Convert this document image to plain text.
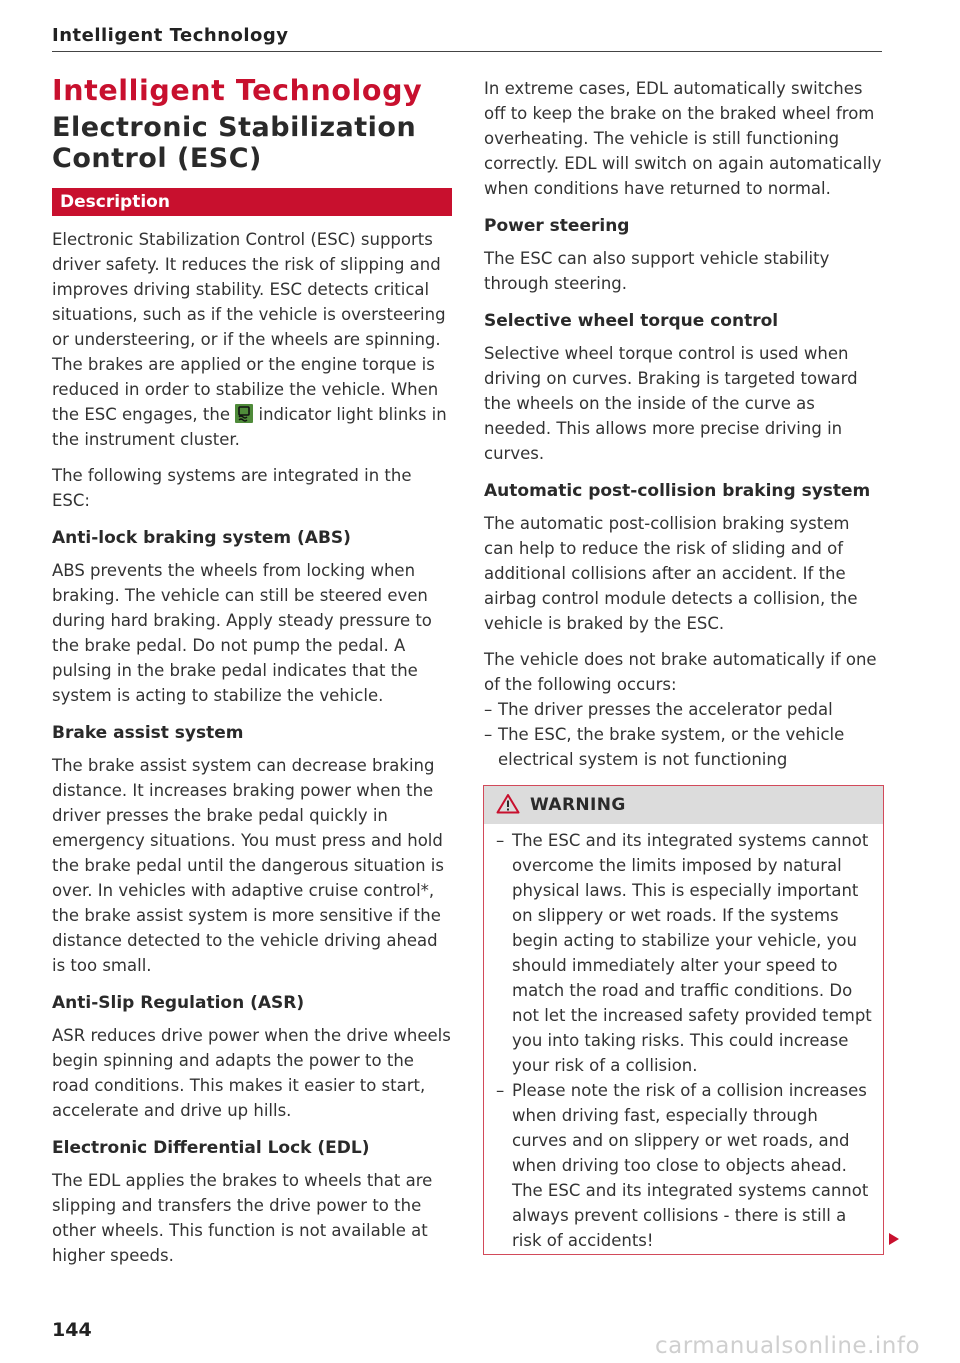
Intelligent Technology
Intelligent Technology
Electronic Stabilization Control (ESC)
Description

Electronic Stabilization Control (ESC) supports driver safety. It reduces the risk of slipping and improves driving stability. ESC detects critical situations, such as if the vehicle is oversteering or understeering, or if the wheels are spinning. The brakes are applied or the engine torque is reduced in order to stabilize the vehicle. When the ESC engages, the indicator light blinks in the instrument cluster.

The following systems are integrated in the ESC:

Anti-lock braking system (ABS)

ABS prevents the wheels from locking when braking. The vehicle can still be steered even during hard braking. Apply steady pressure to the brake pedal. Do not pump the pedal. A pulsing in the brake pedal indicates that the system is acting to stabilize the vehicle.

Brake assist system

The brake assist system can decrease braking distance. It increases braking power when the driver presses the brake pedal quickly in emergency situations. You must press and hold the brake pedal until the dangerous situation is over. In vehicles with adaptive cruise control*, the brake assist system is more sensitive if the distance detected to the vehicle driving ahead is too small.

Anti-Slip Regulation (ASR)

ASR reduces drive power when the drive wheels begin spinning and adapts the power to the road conditions. This makes it easier to start, accelerate and drive up hills.

Electronic Differential Lock (EDL)

The EDL applies the brakes to wheels that are slipping and transfers the drive power to the other wheels. This function is not available at higher speeds.

In extreme cases, EDL automatically switches off to keep the brake on the braked wheel from overheating. The vehicle is still functioning correctly. EDL will switch on again automatically when conditions have returned to normal.

Power steering

The ESC can also support vehicle stability through steering.

Selective wheel torque control

Selective wheel torque control is used when driving on curves. Braking is targeted toward the wheels on the inside of the curve as needed. This allows more precise driving in curves.

Automatic post-collision braking system

The automatic post-collision braking system can help to reduce the risk of sliding and of additional collisions after an accident. If the airbag control module detects a collision, the vehicle is braked by the ESC.

The vehicle does not brake automatically if one of the following occurs:

– The driver presses the accelerator pedal
– The ESC, the brake system, or the vehicle electrical system is not functioning
WARNING
– The ESC and its integrated systems cannot overcome the limits imposed by natural physical laws. This is especially important on slippery or wet roads. If the systems begin acting to stabilize your vehicle, you should immediately alter your speed to match the road and traffic conditions. Do not let the increased safety provided tempt you into taking risks. This could increase your risk of a collision.
– Please note the risk of a collision increases when driving fast, especially through curves and on slippery or wet roads, and when driving too close to objects ahead. The ESC and its integrated systems cannot always prevent collisions - there is still a risk of accidents!
144
carmanualsonline.info
